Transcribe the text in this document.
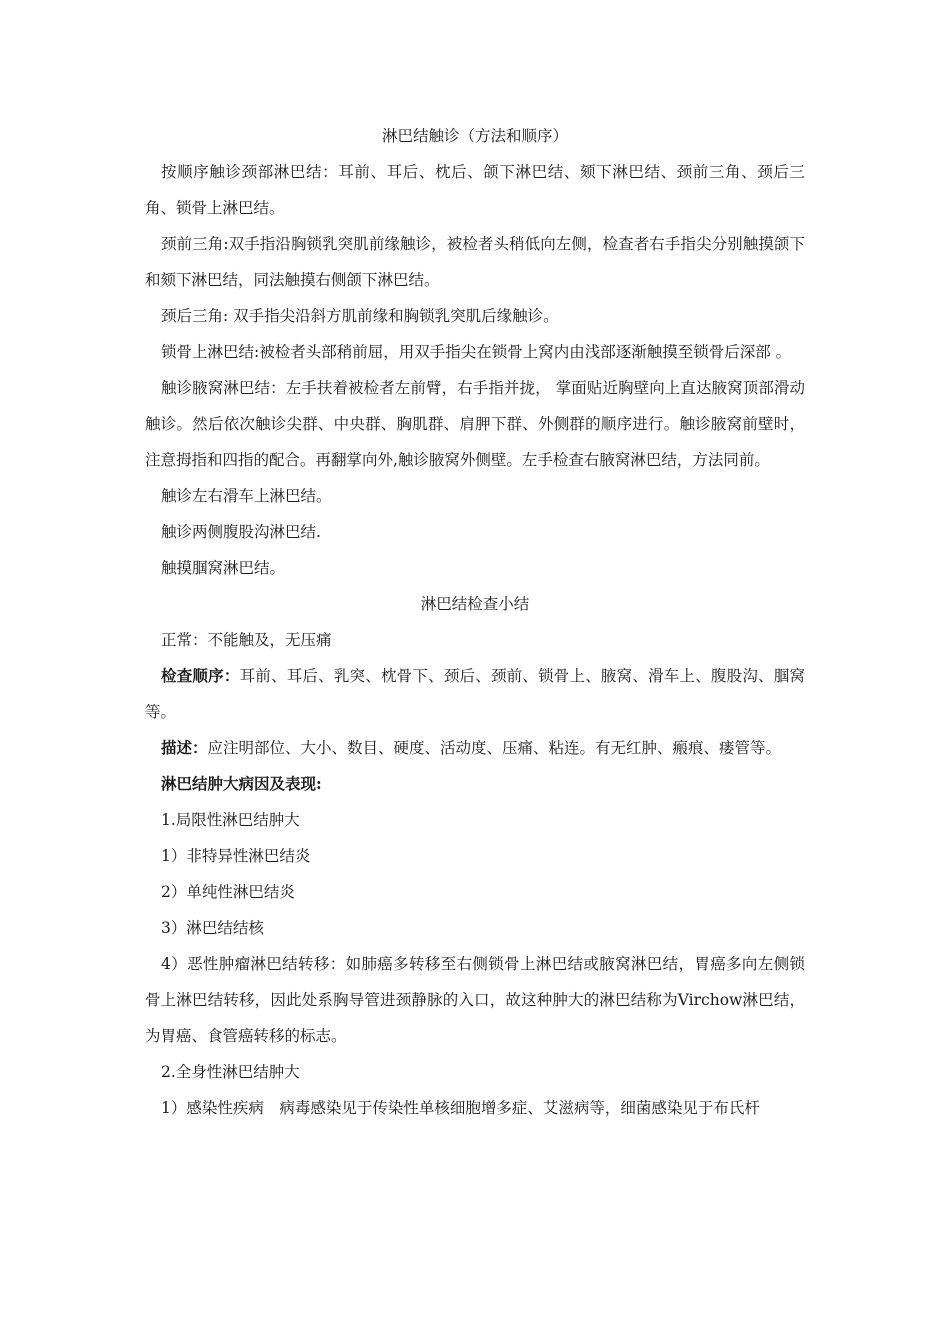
淋巴结触诊（方法和顺序）

按顺序触诊颈部淋巴结：耳前、耳后、枕后、颌下淋巴结、颏下淋巴结、颈前三角、颈后三角、锁骨上淋巴结。

颈前三角:双手指沿胸锁乳突肌前缘触诊，被检者头稍低向左侧，检查者右手指尖分别触摸颌下和颏下淋巴结，同法触摸右侧颌下淋巴结。

颈后三角: 双手指尖沿斜方肌前缘和胸锁乳突肌后缘触诊。

锁骨上淋巴结:被检者头部稍前屈，用双手指尖在锁骨上窝内由浅部逐渐触摸至锁骨后深部 。

触诊腋窝淋巴结：左手扶着被检者左前臂，右手指并拢， 掌面贴近胸壁向上直达腋窝顶部滑动触诊。然后依次触诊尖群、中央群、胸肌群、肩胛下群、外侧群的顺序进行。触诊腋窝前壁时，注意拇指和四指的配合。再翻掌向外,触诊腋窝外侧壁。左手检查右腋窝淋巴结，方法同前。

触诊左右滑车上淋巴结。

触诊两侧腹股沟淋巴结.

触摸腘窝淋巴结。

淋巴结检查小结

正常：不能触及，无压痛

检查顺序：耳前、耳后、乳突、枕骨下、颈后、颈前、锁骨上、腋窝、滑车上、腹股沟、腘窝等。

描述：应注明部位、大小、数目、硬度、活动度、压痛、粘连。有无红肿、瘢痕、瘘管等。

淋巴结肿大病因及表现:

1.局限性淋巴结肿大

1）非特异性淋巴结炎

2）单纯性淋巴结炎

3）淋巴结结核

4）恶性肿瘤淋巴结转移：如肺癌多转移至右侧锁骨上淋巴结或腋窝淋巴结，胃癌多向左侧锁骨上淋巴结转移，因此处系胸导管进颈静脉的入口，故这种肿大的淋巴结称为Virchow淋巴结，为胃癌、食管癌转移的标志。

2.全身性淋巴结肿大

1）感染性疾病　病毒感染见于传染性单核细胞增多症、艾滋病等，细菌感染见于布氏杆
